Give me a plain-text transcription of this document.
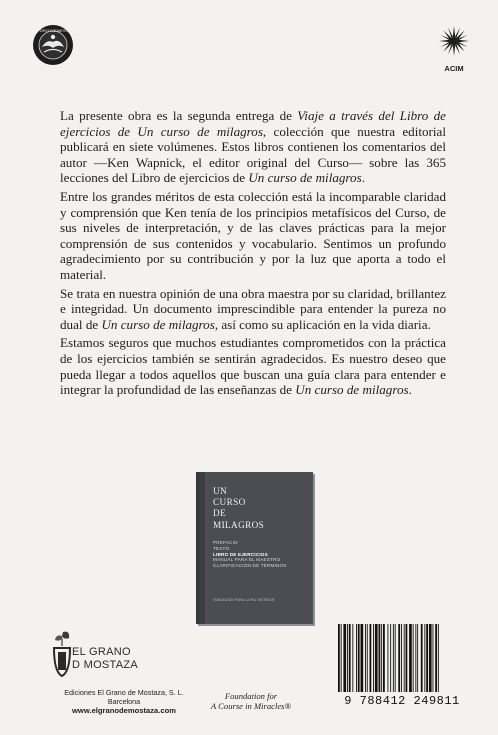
FORGIVENESS
ACIM

La presente obra es la segunda entrega de Viaje a través del Libro de ejercicios de Un curso de milagros, colección que nuestra editorial publicará en siete volúmenes. Estos libros contienen los comentarios del autor —Ken Wapnick, el editor original del Curso— sobre las 365 lecciones del Libro de ejercicios de Un curso de milagros.

Entre los grandes méritos de esta colección está la incomparable claridad y comprensión que Ken tenía de los principios metafísicos del Curso, de sus niveles de interpretación, y de las claves prácticas para la mejor comprensión de sus contenidos y vocabulario. Sentimos un profundo agradecimiento por su contribución y por la luz que aporta a todo el material.

Se trata en nuestra opinión de una obra maestra por su claridad, brillantez e integridad. Un documento imprescindible para entender la pureza no dual de Un curso de milagros, así como su aplicación en la vida diaria.

Estamos seguros que muchos estudiantes comprometidos con la práctica de los ejercicios también se sentirán agradecidos. Es nuestro deseo que pueda llegar a todos aquellos que buscan una guía clara para entender e integrar la profundidad de las enseñanzas de Un curso de milagros.

UN
CURSO
DE
MILAGROS
PREFACIO
TEXTO
LIBRO DE EJERCICIOS
MANUAL PARA EL MAESTRO
CLARIFICACIÓN DE TÉRMINOS
FUNDACIÓN PARA LA PAZ INTERIOR
EL GRANO
D MOSTAZA
Ediciones El Grano de Mostaza, S. L.
Barcelona
www.elgranodemostaza.com
Foundation for
A Course in Miracles®	9 788412 249811
